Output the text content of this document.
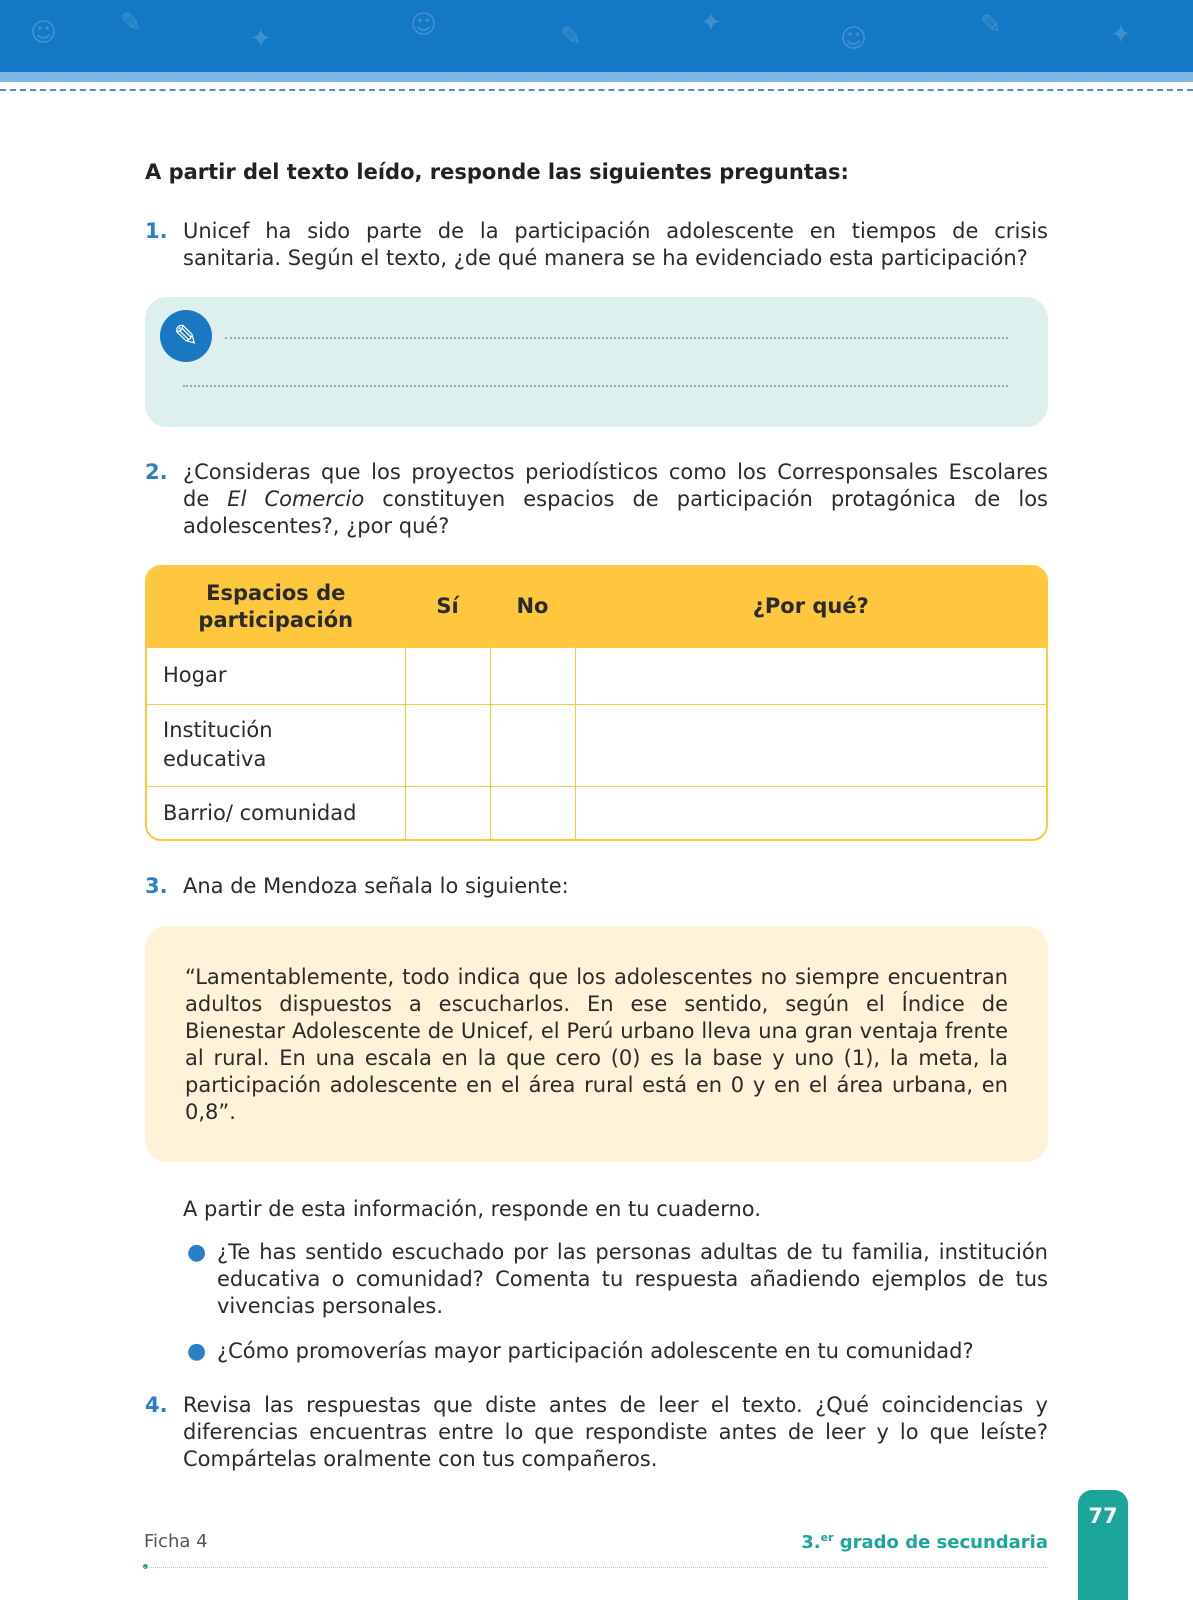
☺ ✎
✦	☺	✎	✦
☺	✎	✦
A partir del texto leído, responde las siguientes preguntas:
1. Unicef ha sido parte de la participación adolescente en tiempos de crisis sanitaria. Según el texto, ¿de qué manera se ha evidenciado esta participación?
✎
2. ¿Consideras que los proyectos periodísticos como los Corresponsales Escolares de El Comercio constituyen espacios de participación protagónica de los adolescentes?, ¿por qué?
Espacios de participación	Sí	No	¿Por qué?
Hogar			
Institución educativa			
Barrio/ comunidad			
3. Ana de Mendoza señala lo siguiente:
“Lamentablemente, todo indica que los adolescentes no siempre encuentran adultos dispuestos a escucharlos. En ese sentido, según el Índice de Bienestar Adolescente de Unicef, el Perú urbano lleva una gran ventaja frente al rural. En una escala en la que cero (0) es la base y uno (1), la meta, la participación adolescente en el área rural está en 0 y en el área urbana, en 0,8”.
A partir de esta información, responde en tu cuaderno.
● ¿Te has sentido escuchado por las personas adultas de tu familia, institución educativa o comunidad? Comenta tu respuesta añadiendo ejemplos de tus vivencias personales.
● ¿Cómo promoverías mayor participación adolescente en tu comunidad?
4. Revisa las respuestas que diste antes de leer el texto. ¿Qué coincidencias y diferencias encuentras entre lo que respondiste antes de leer y lo que leíste? Compártelas oralmente con tus compañeros.
Ficha 4	3.$^{er}$ grado de secundaria
77
